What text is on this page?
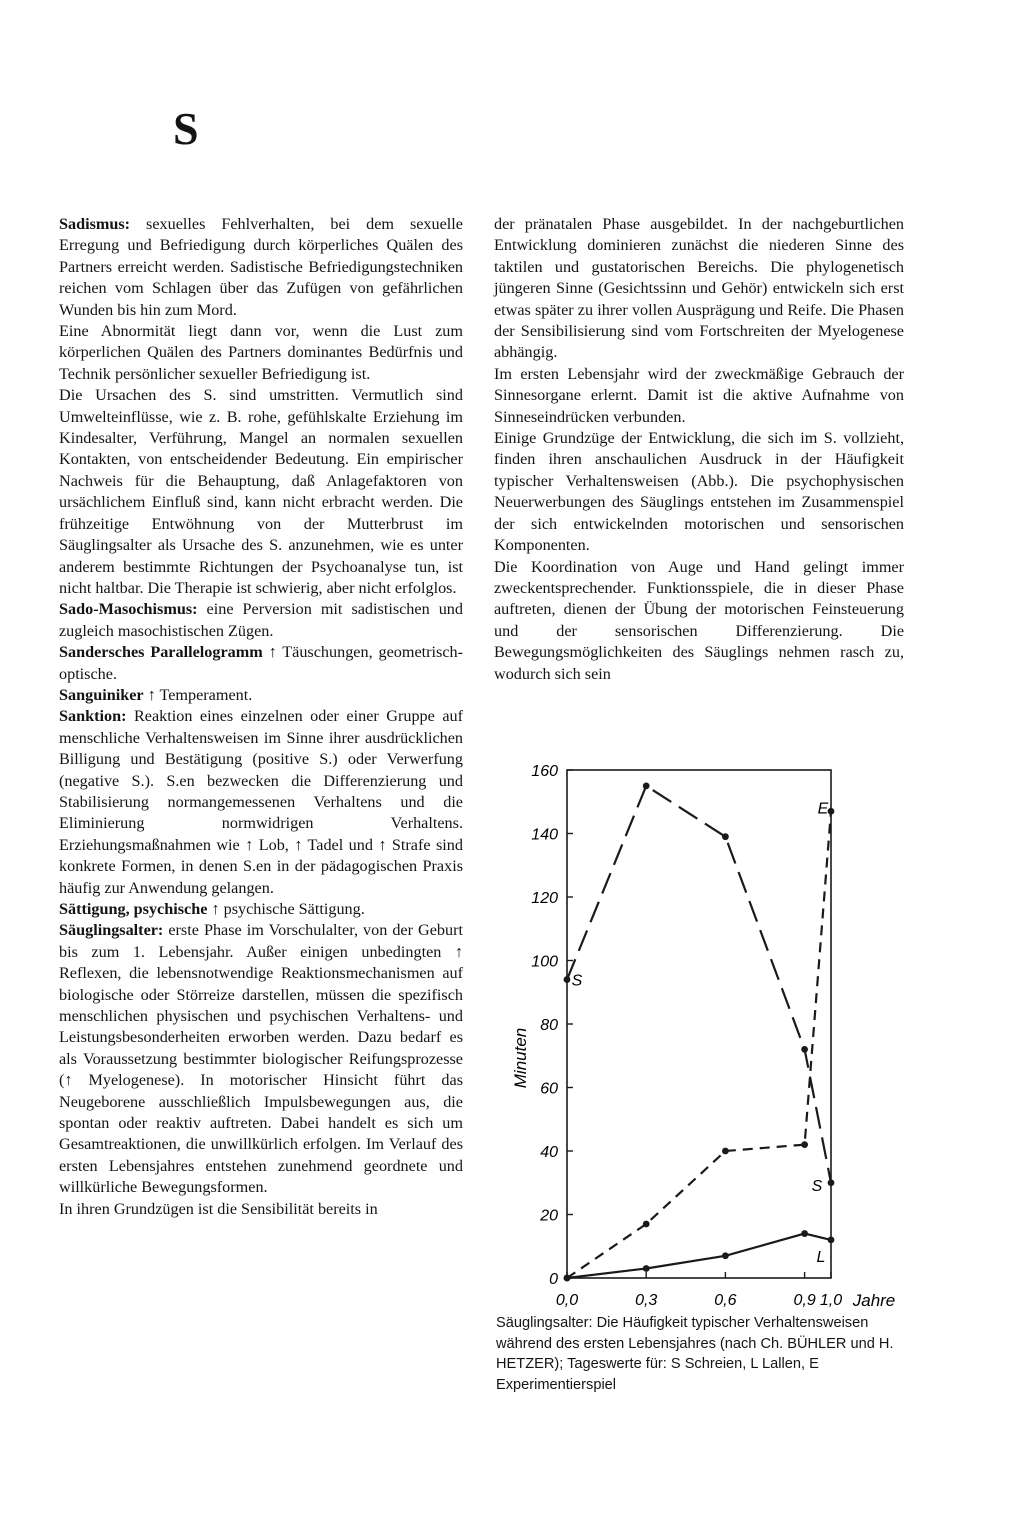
S

Sadismus: sexuelles Fehlverhalten, bei dem sexuelle Erregung und Befriedigung durch körperliches Quälen des Partners erreicht werden. Sadistische Befriedigungstechniken reichen vom Schlagen über das Zufügen von gefährlichen Wunden bis hin zum Mord.

Eine Abnormität liegt dann vor, wenn die Lust zum körperlichen Quälen des Partners dominantes Bedürfnis und Technik persönlicher sexueller Befriedigung ist.

Die Ursachen des S. sind umstritten. Vermutlich sind Umwelteinflüsse, wie z. B. rohe, gefühlskalte Erziehung im Kindesalter, Verführung, Mangel an normalen sexuellen Kontakten, von entscheidender Bedeutung. Ein empirischer Nachweis für die Behauptung, daß Anlagefaktoren von ursächlichem Einfluß sind, kann nicht erbracht werden. Die frühzeitige Entwöhnung von der Mutterbrust im Säuglingsalter als Ursache des S. anzunehmen, wie es unter anderem bestimmte Richtungen der Psychoanalyse tun, ist nicht haltbar. Die Therapie ist schwierig, aber nicht erfolglos.

Sado-Masochismus: eine Perversion mit sadistischen und zugleich masochistischen Zügen.

Sandersches Parallelogramm ↑ Täuschungen, geometrisch-optische.

Sanguiniker ↑ Temperament.

Sanktion: Reaktion eines einzelnen oder einer Gruppe auf menschliche Verhaltensweisen im Sinne ihrer ausdrücklichen Billigung und Bestätigung (positive S.) oder Verwerfung (negative S.). S.en bezwecken die Differenzierung und Stabilisierung normangemessenen Verhaltens und die Eliminierung normwidrigen Verhaltens. Erziehungsmaßnahmen wie ↑ Lob, ↑ Tadel und ↑ Strafe sind konkrete Formen, in denen S.en in der pädagogischen Praxis häufig zur Anwendung gelangen.

Sättigung, psychische ↑ psychische Sättigung.

Säuglingsalter: erste Phase im Vorschulalter, von der Geburt bis zum 1. Lebensjahr. Außer einigen unbedingten ↑ Reflexen, die lebensnotwendige Reaktionsmechanismen auf biologische oder Störreize darstellen, müssen die spezifisch menschlichen physischen und psychischen Verhaltens- und Leistungsbesonderheiten erworben werden. Dazu bedarf es als Voraussetzung bestimmter biologischer Reifungsprozesse (↑ Myelogenese). In motorischer Hinsicht führt das Neugeborene ausschließlich Impulsbewegungen aus, die spontan oder reaktiv auftreten. Dabei handelt es sich um Gesamtreaktionen, die unwillkürlich erfolgen. Im Verlauf des ersten Lebensjahres entstehen zunehmend geordnete und willkürliche Bewegungsformen.

In ihren Grundzügen ist die Sensibilität bereits in

der pränatalen Phase ausgebildet. In der nachgeburtlichen Entwicklung dominieren zunächst die niederen Sinne des taktilen und gustatorischen Bereichs. Die phylogenetisch jüngeren Sinne (Gesichtssinn und Gehör) entwickeln sich erst etwas später zu ihrer vollen Ausprägung und Reife. Die Phasen der Sensibilisierung sind vom Fortschreiten der Myelogenese abhängig.

Im ersten Lebensjahr wird der zweckmäßige Gebrauch der Sinnesorgane erlernt. Damit ist die aktive Aufnahme von Sinneseindrücken verbunden.

Einige Grundzüge der Entwicklung, die sich im S. vollzieht, finden ihren anschaulichen Ausdruck in der Häufigkeit typischer Verhaltensweisen (Abb.). Die psychophysischen Neuerwerbungen des Säuglings entstehen im Zusammenspiel der sich entwickelnden motorischen und sensorischen Komponenten.

Die Koordination von Auge und Hand gelingt immer zweckentsprechender. Funktionsspiele, die in dieser Phase auftreten, dienen der Übung der motorischen Feinsteuerung und der sensorischen Differenzierung. Die Bewegungsmöglichkeiten des Säuglings nehmen rasch zu, wodurch sich sein

0
20
40
60
80
100
120
140
160
0,0	0,3	0,6	0,9 1,0
S
S
L
E
Minuten
Jahre
Säuglingsalter: Die Häufigkeit typischer Verhaltensweisen während des ersten Lebensjahres (nach Ch. BÜHLER und H. HETZER); Tageswerte für: S Schreien, L Lallen, E Experimentierspiel
